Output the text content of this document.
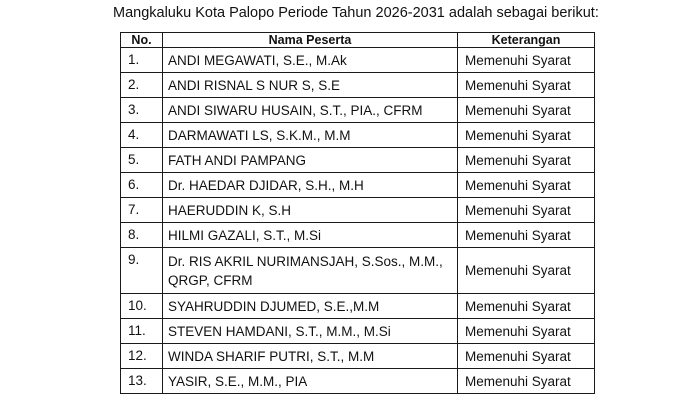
Mangkaluku Kota Palopo Periode Tahun 2026-2031 adalah sebagai berikut:
No.	Nama Peserta	Keterangan
1.	ANDI MEGAWATI, S.E., M.Ak	Memenuhi Syarat
2.	ANDI RISNAL S NUR S, S.E	Memenuhi Syarat
3.	ANDI SIWARU HUSAIN, S.T., PIA., CFRM	Memenuhi Syarat
4.	DARMAWATI LS, S.K.M., M.M	Memenuhi Syarat
5.	FATH ANDI PAMPANG	Memenuhi Syarat
6.	Dr. HAEDAR DJIDAR, S.H., M.H	Memenuhi Syarat
7.	HAERUDDIN K, S.H	Memenuhi Syarat
8.	HILMI GAZALI, S.T., M.Si	Memenuhi Syarat
9.	Dr. RIS AKRIL NURIMANSJAH, S.Sos., M.M.,
QRGP, CFRM	Memenuhi Syarat
10.	SYAHRUDDIN DJUMED, S.E.,M.M	Memenuhi Syarat
11.	STEVEN HAMDANI, S.T., M.M., M.Si	Memenuhi Syarat
12.	WINDA SHARIF PUTRI, S.T., M.M	Memenuhi Syarat
13.	YASIR, S.E., M.M., PIA	Memenuhi Syarat
